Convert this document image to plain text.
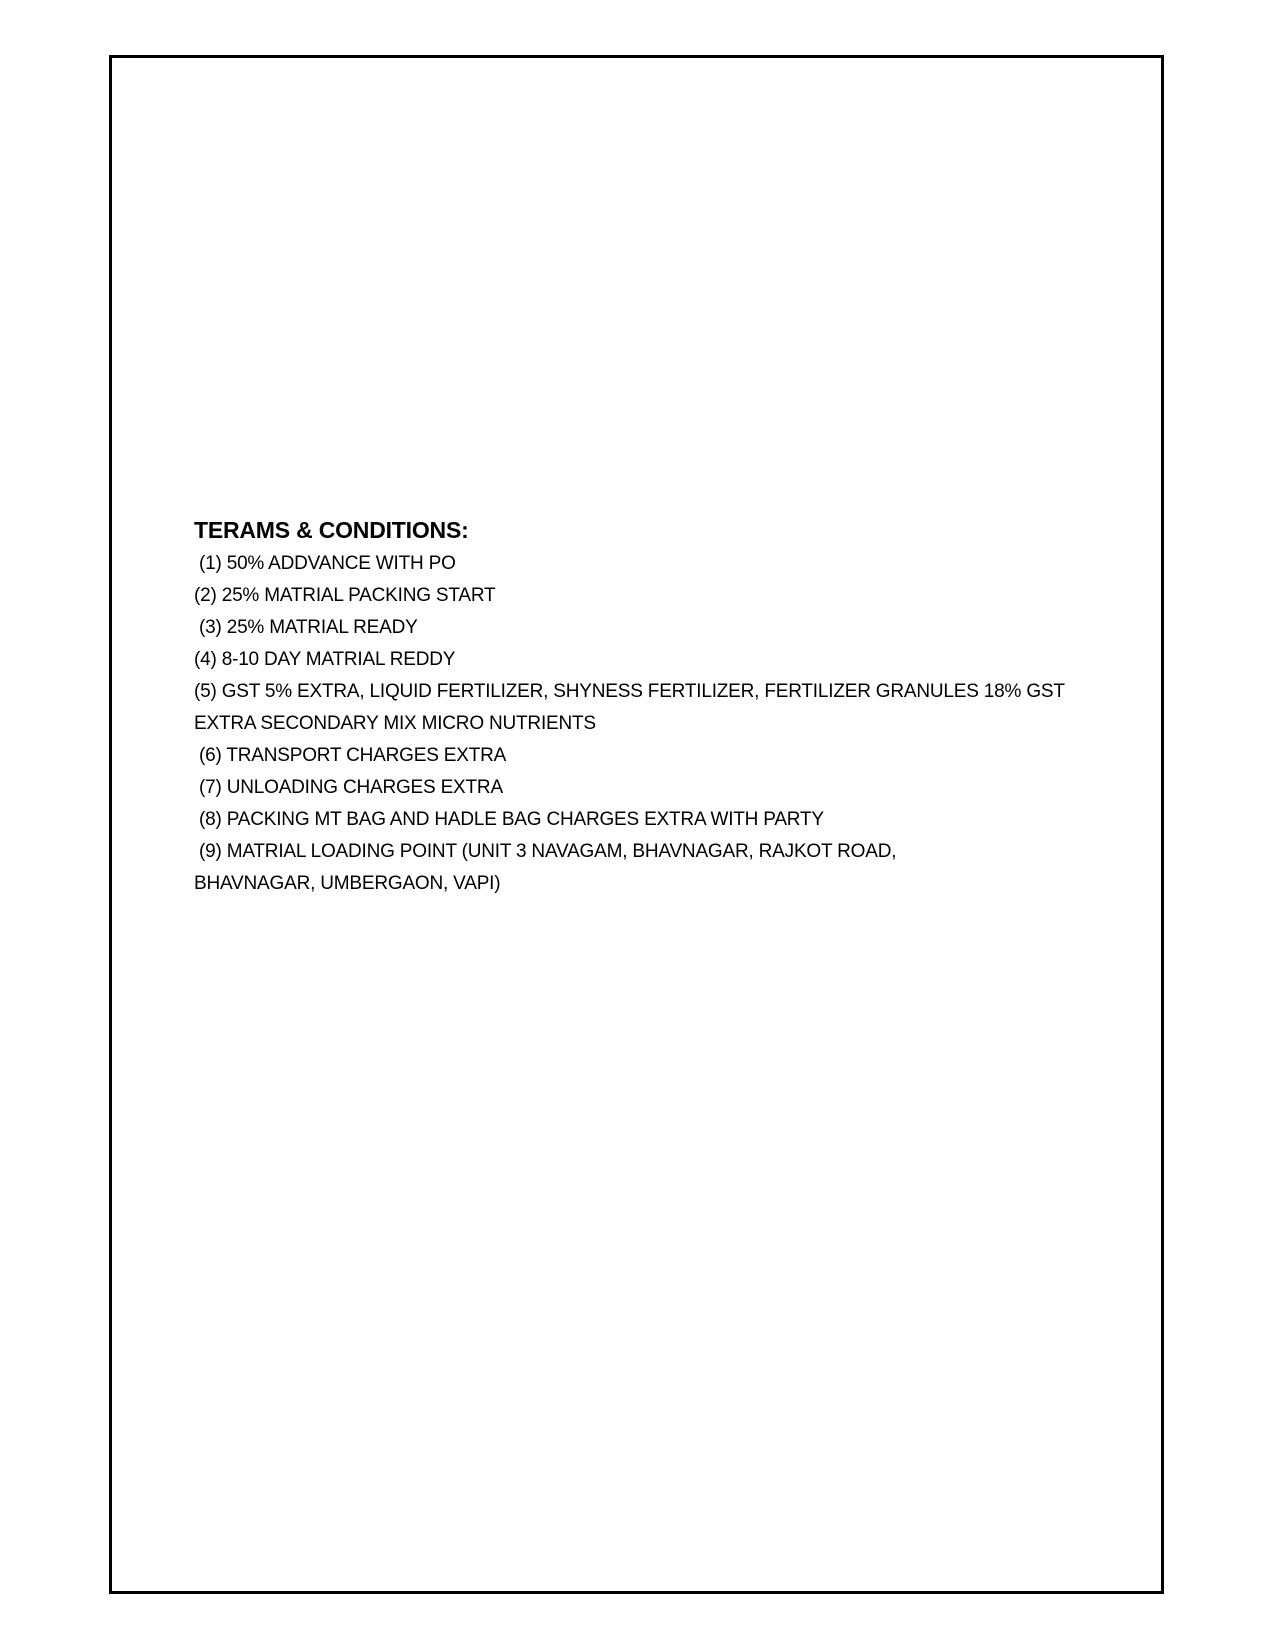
TERAMS & CONDITIONS:
(1) 50% ADDVANCE WITH PO
(2) 25% MATRIAL PACKING START
(3) 25% MATRIAL READY
(4) 8-10 DAY MATRIAL REDDY
(5) GST 5% EXTRA, LIQUID FERTILIZER, SHYNESS FERTILIZER, FERTILIZER GRANULES 18% GST
EXTRA SECONDARY MIX MICRO NUTRIENTS
(6) TRANSPORT CHARGES EXTRA
(7) UNLOADING CHARGES EXTRA
(8) PACKING MT BAG AND HADLE BAG CHARGES EXTRA WITH PARTY
(9) MATRIAL LOADING POINT (UNIT 3 NAVAGAM, BHAVNAGAR, RAJKOT ROAD,
BHAVNAGAR, UMBERGAON, VAPI)
